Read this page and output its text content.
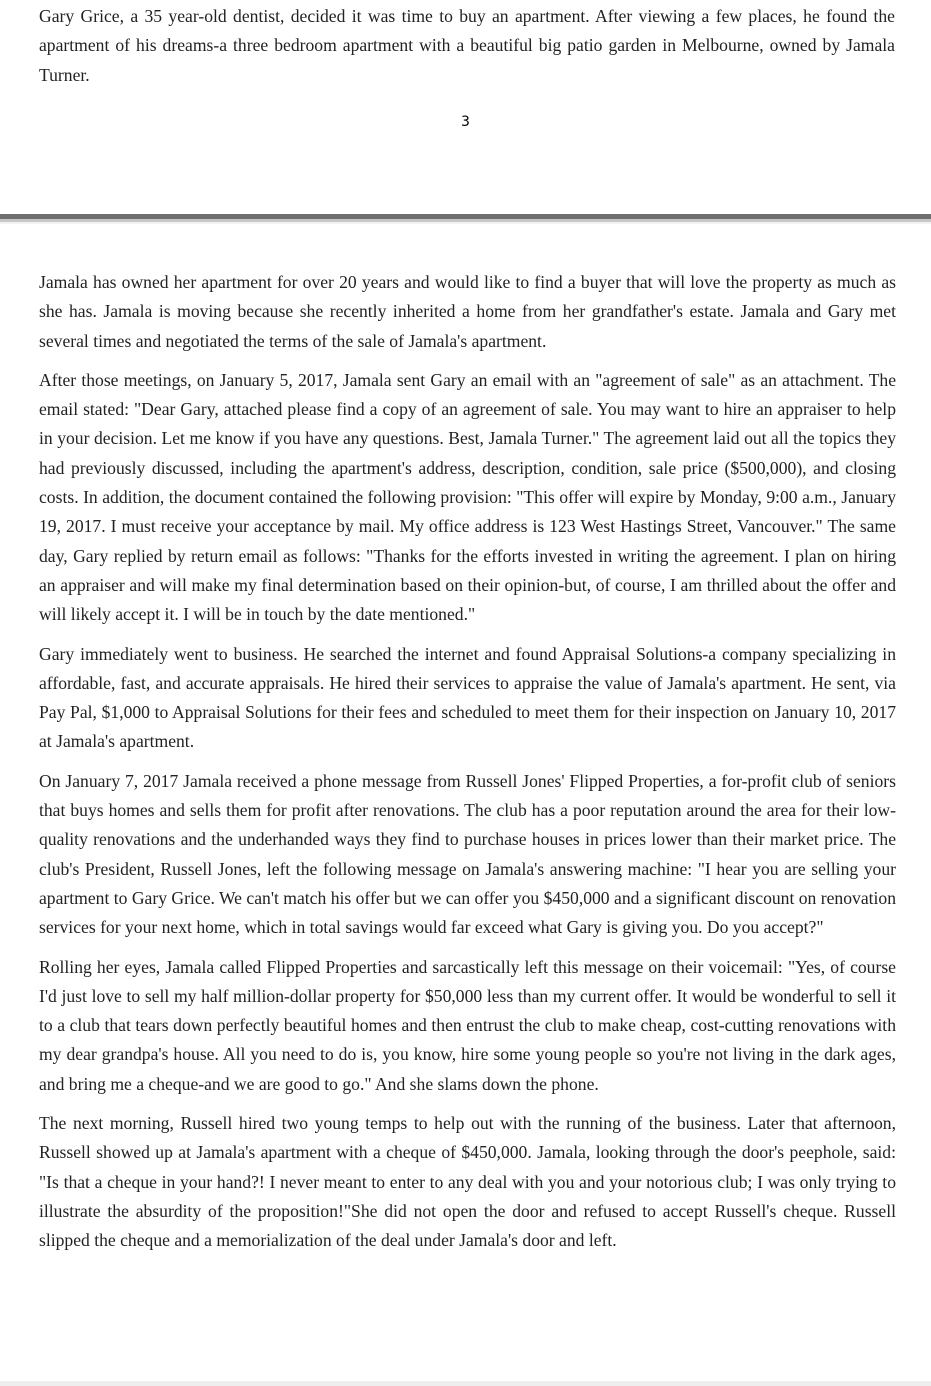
Gary Grice, a 35 year-old dentist, decided it was time to buy an apartment. After viewing a few places, he found the apartment of his dreams-a three bedroom apartment with a beautiful big patio garden in Melbourne, owned by Jamala Turner.

3

Jamala has owned her apartment for over 20 years and would like to find a buyer that will love the property as much as she has. Jamala is moving because she recently inherited a home from her grandfather's estate. Jamala and Gary met several times and negotiated the terms of the sale of Jamala's apartment.

After those meetings, on January 5, 2017, Jamala sent Gary an email with an "agreement of sale" as an attachment. The email stated: "Dear Gary, attached please find a copy of an agreement of sale. You may want to hire an appraiser to help in your decision. Let me know if you have any questions. Best, Jamala Turner." The agreement laid out all the topics they had previously discussed, including the apartment's address, description, condition, sale price ($500,000), and closing costs. In addition, the document contained the following provision: "This offer will expire by Monday, 9:00 a.m., January 19, 2017. I must receive your acceptance by mail. My office address is 123 West Hastings Street, Vancouver." The same day, Gary replied by return email as follows: "Thanks for the efforts invested in writing the agreement. I plan on hiring an appraiser and will make my final determination based on their opinion-but, of course, I am thrilled about the offer and will likely accept it. I will be in touch by the date mentioned."

Gary immediately went to business. He searched the internet and found Appraisal Solutions-a company specializing in affordable, fast, and accurate appraisals. He hired their services to appraise the value of Jamala's apartment. He sent, via Pay Pal, $1,000 to Appraisal Solutions for their fees and scheduled to meet them for their inspection on January 10, 2017 at Jamala's apartment.

On January 7, 2017 Jamala received a phone message from Russell Jones' Flipped Properties, a for-profit club of seniors that buys homes and sells them for profit after renovations. The club has a poor reputation around the area for their low-quality renovations and the underhanded ways they find to purchase houses in prices lower than their market price. The club's President, Russell Jones, left the following message on Jamala's answering machine: "I hear you are selling your apartment to Gary Grice. We can't match his offer but we can offer you $450,000 and a significant discount on renovation services for your next home, which in total savings would far exceed what Gary is giving you. Do you accept?"

Rolling her eyes, Jamala called Flipped Properties and sarcastically left this message on their voicemail: "Yes, of course I'd just love to sell my half million-dollar property for $50,000 less than my current offer. It would be wonderful to sell it to a club that tears down perfectly beautiful homes and then entrust the club to make cheap, cost-cutting renovations with my dear grandpa's house. All you need to do is, you know, hire some young people so you're not living in the dark ages, and bring me a cheque-and we are good to go." And she slams down the phone.

The next morning, Russell hired two young temps to help out with the running of the business. Later that afternoon, Russell showed up at Jamala's apartment with a cheque of $450,000. Jamala, looking through the door's peephole, said: "Is that a cheque in your hand?! I never meant to enter to any deal with you and your notorious club; I was only trying to illustrate the absurdity of the proposition!"She did not open the door and refused to accept Russell's cheque. Russell slipped the cheque and a memorialization of the deal under Jamala's door and left.
